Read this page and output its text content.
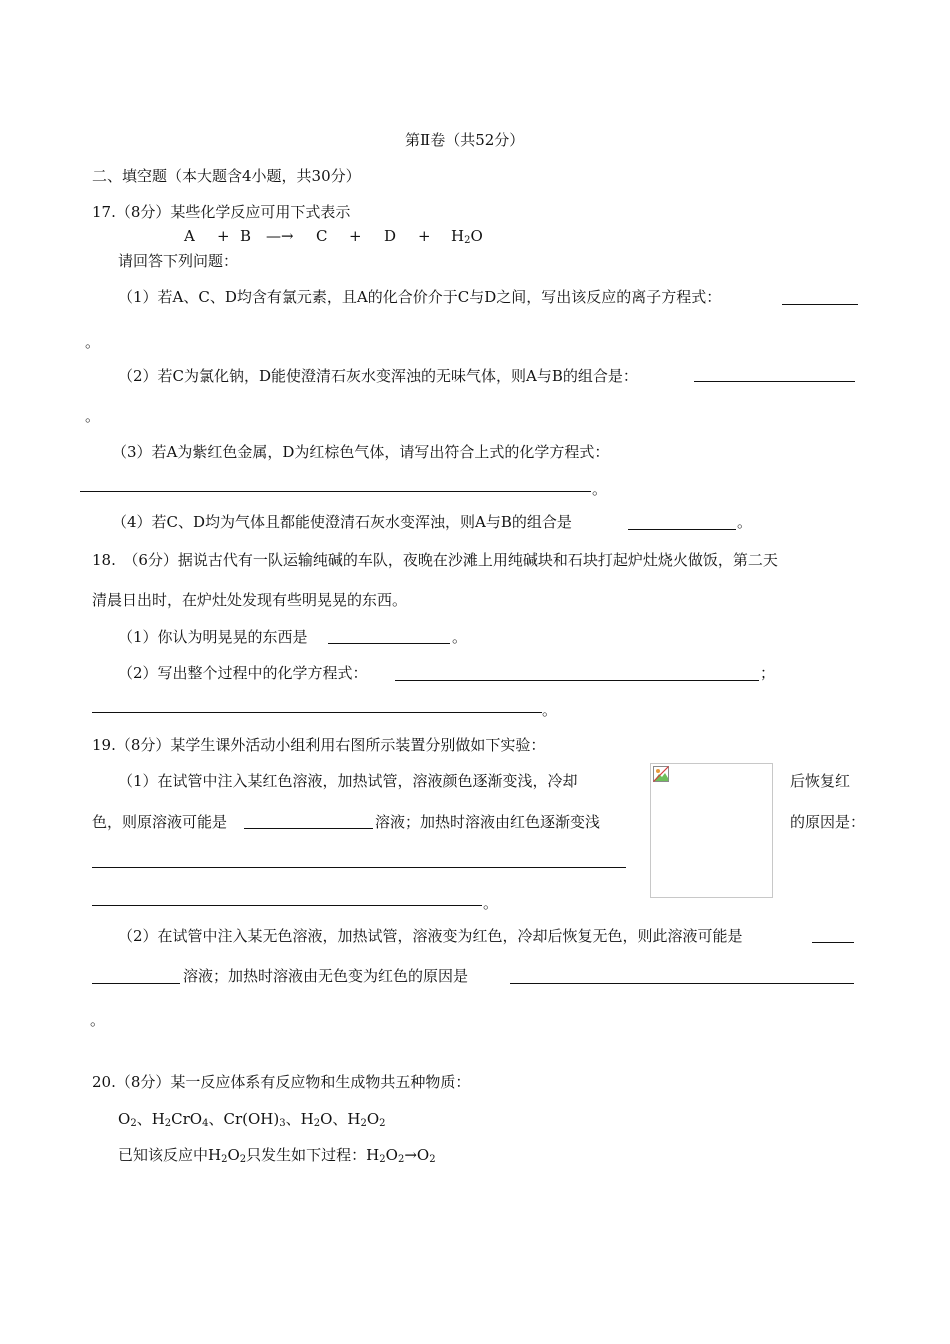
第Ⅱ卷（共52分）
二、填空题（本大题含4小题，共30分）
17.（8分）某些化学反应可用下式表示
A + B —→ $C + D + H_2O$
请回答下列问题：
（1）若A、C、D均含有氯元素，且A的化合价介于C与D之间，写出该反应的离子方程式：
。
（2）若C为氯化钠，D能使澄清石灰水变浑浊的无味气体，则A与B的组合是：
。
（3）若A为紫红色金属，D为红棕色气体，请写出符合上式的化学方程式：
。
（4）若C、D均为气体且都能使澄清石灰水变浑浊，则A与B的组合是	。
18.　（6分）据说古代有一队运输纯碱的车队，夜晚在沙滩上用纯碱块和石块打起炉灶烧火做饭，第二天
清晨日出时，在炉灶处发现有些明晃晃的东西。
（1）你认为明晃晃的东西是	。
（2）写出整个过程中的化学方程式：	；
。
19.（8分）某学生课外活动小组利用右图所示装置分别做如下实验：
（1）在试管中注入某红色溶液，加热试管，溶液颜色逐渐变浅，冷却	后恢复红
色，则原溶液可能是	溶液；加热时溶液由红色逐渐变浅	的原因是：
。
（2）在试管中注入某无色溶液，加热试管，溶液变为红色，冷却后恢复无色，则此溶液可能是
溶液；加热时溶液由无色变为红色的原因是
。
20.（8分）某一反应体系有反应物和生成物共五种物质：
$O_2$、$H_2CrO_4$、$Cr(OH)_3$、$H_2O$、$H_2O_2$
已知该反应中$H_2O_2$只发生如下过程：$H_2O_2\to O_2$
